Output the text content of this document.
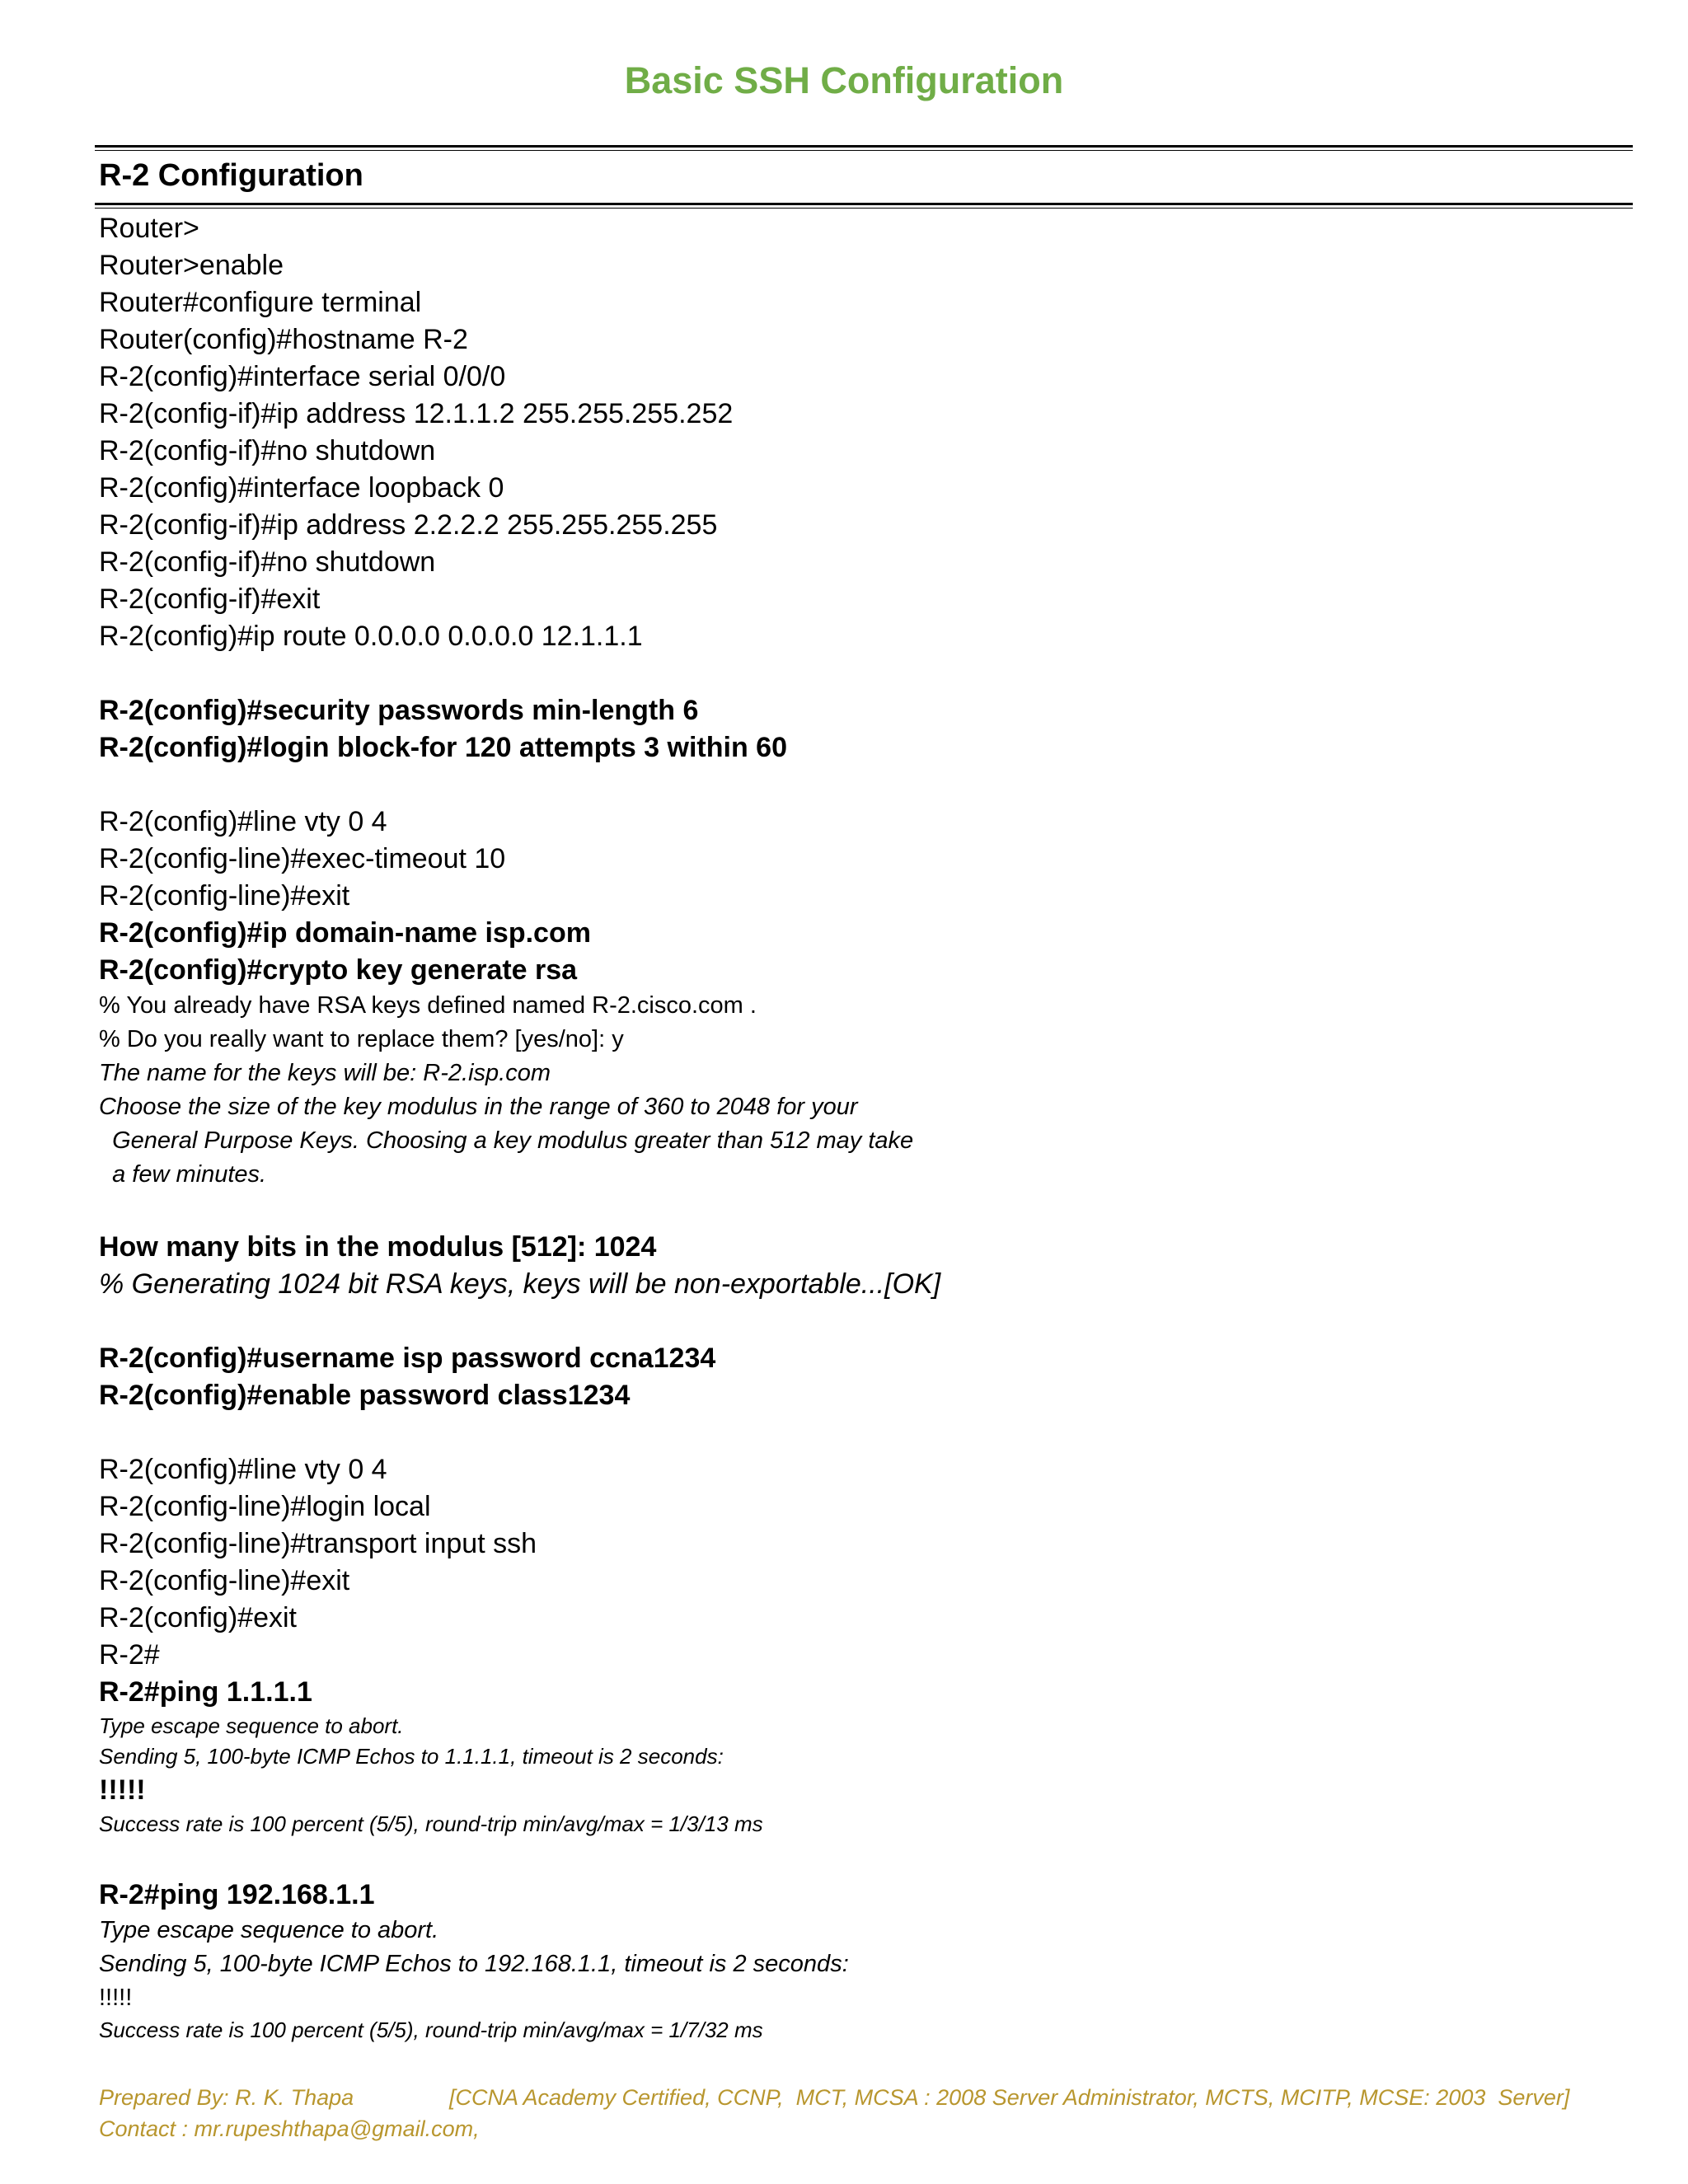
Basic SSH Configuration
R-2 Configuration
Router>
Router>enable
Router#configure terminal
Router(config)#hostname R-2
R-2(config)#interface serial 0/0/0
R-2(config-if)#ip address 12.1.1.2 255.255.255.252
R-2(config-if)#no shutdown
R-2(config)#interface loopback 0
R-2(config-if)#ip address 2.2.2.2 255.255.255.255
R-2(config-if)#no shutdown
R-2(config-if)#exit
R-2(config)#ip route 0.0.0.0 0.0.0.0 12.1.1.1
R-2(config)#security passwords min-length 6
R-2(config)#login block-for 120 attempts 3 within 60
R-2(config)#line vty 0 4
R-2(config-line)#exec-timeout 10
R-2(config-line)#exit
R-2(config)#ip domain-name isp.com
R-2(config)#crypto key generate rsa
% You already have RSA keys defined named R-2.cisco.com .
% Do you really want to replace them? [yes/no]: y
The name for the keys will be: R-2.isp.com
Choose the size of the key modulus in the range of 360 to 2048 for your
General Purpose Keys. Choosing a key modulus greater than 512 may take
a few minutes.
How many bits in the modulus [512]: 1024
% Generating 1024 bit RSA keys, keys will be non-exportable...[OK]
R-2(config)#username isp password ccna1234
R-2(config)#enable password class1234
R-2(config)#line vty 0 4
R-2(config-line)#login local
R-2(config-line)#transport input ssh
R-2(config-line)#exit
R-2(config)#exit
R-2#
R-2#ping 1.1.1.1
Type escape sequence to abort.
Sending 5, 100-byte ICMP Echos to 1.1.1.1, timeout is 2 seconds:
!!!!!
Success rate is 100 percent (5/5), round-trip min/avg/max = 1/3/13 ms
R-2#ping 192.168.1.1
Type escape sequence to abort.
Sending 5, 100-byte ICMP Echos to 192.168.1.1, timeout is 2 seconds:
!!!!!
Success rate is 100 percent (5/5), round-trip min/avg/max = 1/7/32 ms
Prepared By: R. K. Thapa	[CCNA Academy Certified, CCNP,  MCT, MCSA : 2008 Server Administrator, MCTS, MCITP, MCSE: 2003  Server]
Contact : mr.rupeshthapa@gmail.com,
